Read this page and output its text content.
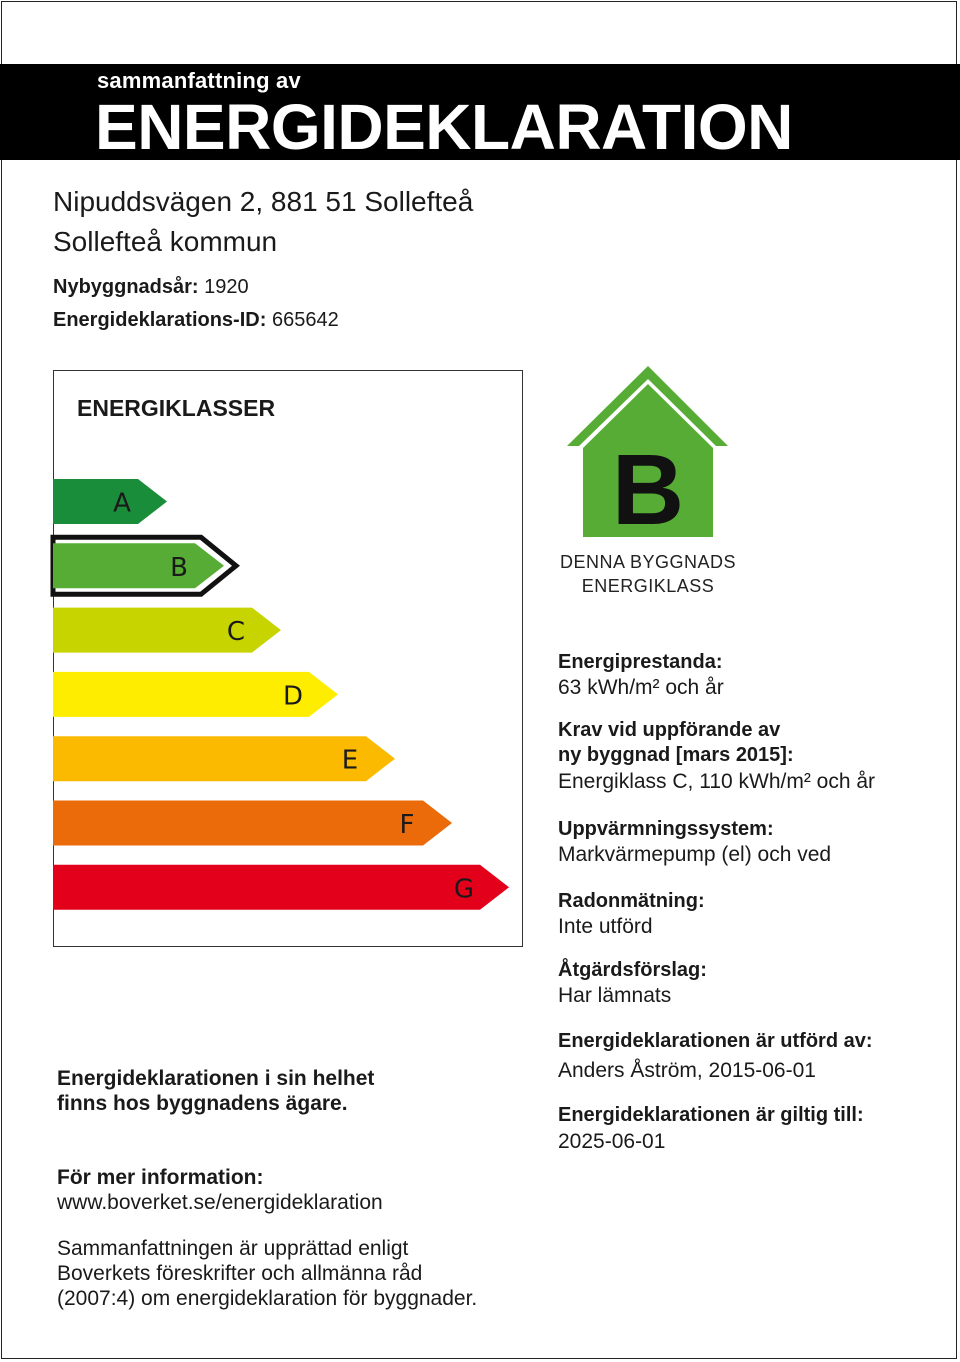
sammanfattning av
ENERGIDEKLARATION
Nipuddsvägen 2, 881 51 Sollefteå
Sollefteå kommun
Nybyggnadsår: 1920
Energideklarations-ID: 665642
ENERGIKLASSER
A
B
C
D
E
F
G
B
DENNA BYGGNADS
ENERGIKLASS
Energiprestanda:
63 kWh/m² och år
Krav vid uppförande av
ny byggnad [mars 2015]:
Energiklass C, 110 kWh/m² och år
Uppvärmningssystem:
Markvärmepump (el) och ved
Radonmätning:
Inte utförd
Åtgärdsförslag:
Har lämnats
Energideklarationen är utförd av:
Anders Åström, 2015-06-01
Energideklarationen är giltig till:
2025-06-01
Energideklarationen i sin helhet
finns hos byggnadens ägare.
För mer information:
www.boverket.se/energideklaration
Sammanfattningen är upprättad enligt
Boverkets föreskrifter och allmänna råd
(2007:4) om energideklaration för byggnader.
